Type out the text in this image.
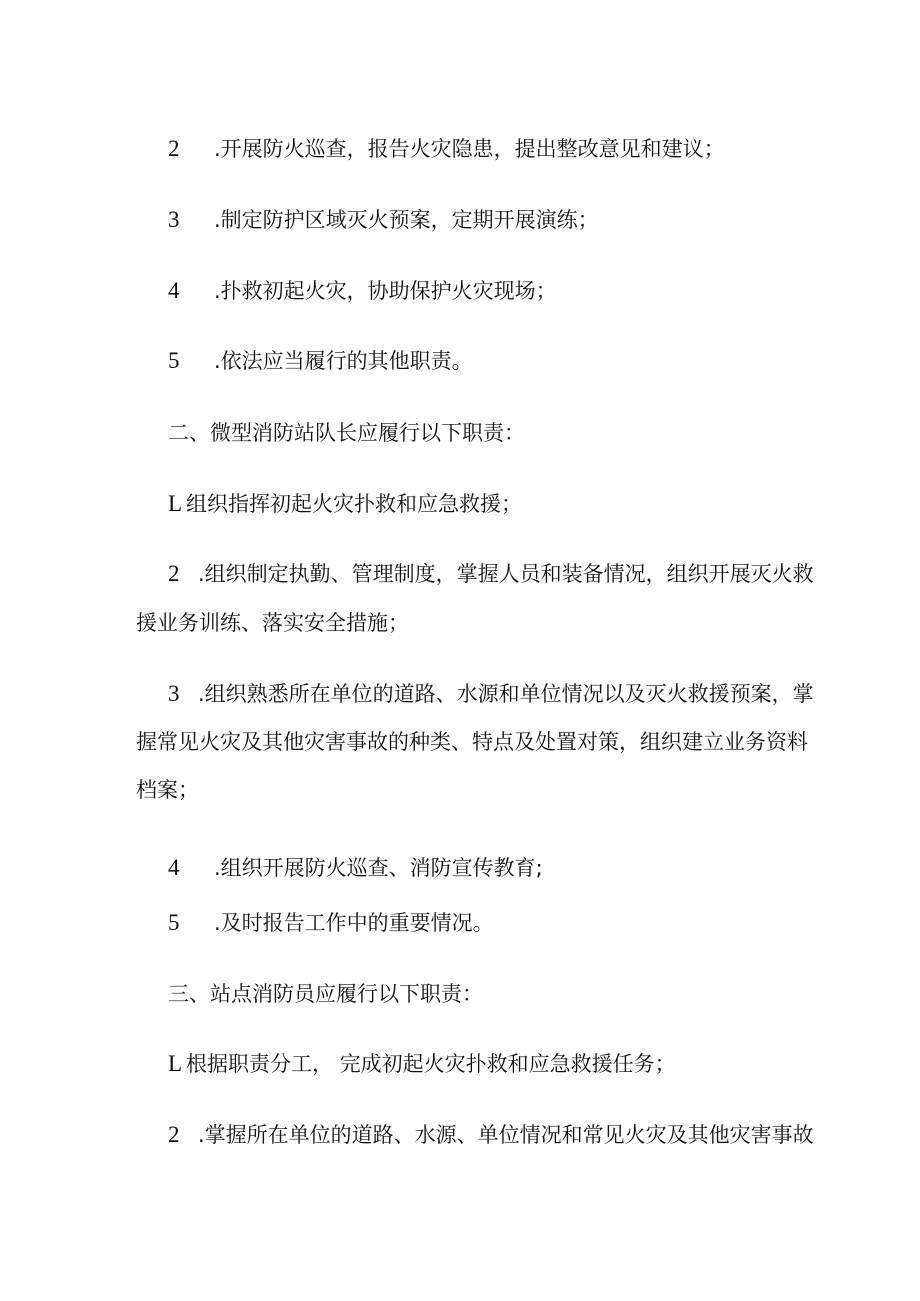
2 .开展防火巡查，报告火灾隐患，提出整改意见和建议；
3 .制定防护区域灭火预案，定期开展演练；
4 .扑救初起火灾，协助保护火灾现场；
5 .依法应当履行的其他职责。
二、微型消防站队长应履行以下职责：
L 组织指挥初起火灾扑救和应急救援；
2 .组织制定执勤、管理制度，掌握人员和装备情况，组织开展灭火救
援业务训练、落实安全措施；
3 .组织熟悉所在单位的道路、水源和单位情况以及灭火救援预案，掌
握常见火灾及其他灾害事故的种类、特点及处置对策，组织建立业务资料
档案；
4 .组织开展防火巡查、消防宣传教育;
5 .及时报告工作中的重要情况。
三、站点消防员应履行以下职责：
L 根据职责分工， 完成初起火灾扑救和应急救援任务；
2 .掌握所在单位的道路、水源、单位情况和常见火灾及其他灾害事故
